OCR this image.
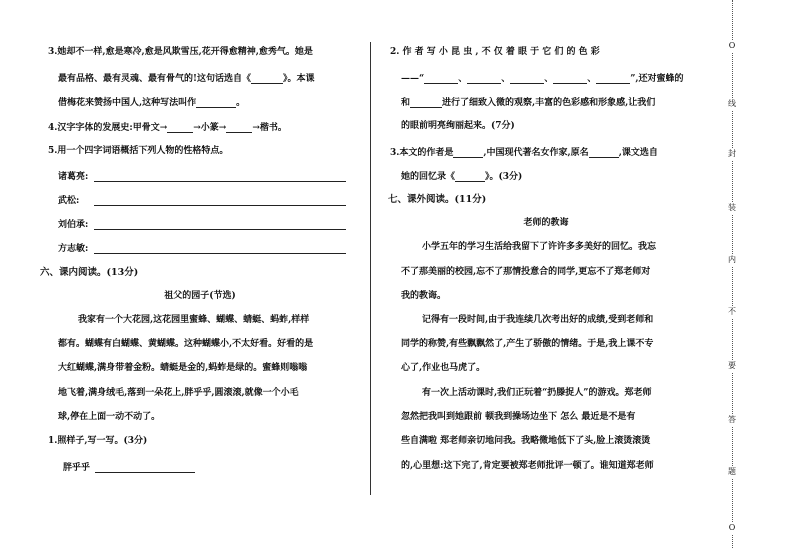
3.她却不一样,愈是寒冷,愈是风欺雪压,花开得愈精神,愈秀气。她是
最有品格、最有灵魂、最有骨气的!这句话选自《	》。本课
借梅花来赞扬中国人,这种写法叫作	。
4.汉字字体的发展史:甲骨文→	→小篆→	→楷书。
5.用一个四字词语概括下列人物的性格特点。
诸葛亮:
武松:
刘伯承:
方志敏:
六、课内阅读。(13分)
祖父的园子(节选)
我家有一个大花园,这花园里蜜蜂、蝴蝶、蜻蜓、蚂蚱,样样
都有。蝴蝶有白蝴蝶、黄蝴蝶。这种蝴蝶小,不太好看。好看的是
大红蝴蝶,满身带着金粉。蜻蜓是金的,蚂蚱是绿的。蜜蜂则嗡嗡
地飞着,满身绒毛,落到一朵花上,胖乎乎,圆滚滚,就像一个小毛
球,停在上面一动不动了。
1.照样子,写一写。(3分)
胖乎乎
2. 作 者 写 小 昆 虫 , 不 仅 着 眼 于 它 们 的 色 彩
——“	、	、	、	、	”,还对蜜蜂的
和	进行了细致入微的观察,丰富的色彩感和形象感,让我们
的眼前明亮绚丽起来。(7分)
3.本文的作者是	,中国现代著名女作家,原名	,课文选自
她的回忆录《	》。(3分)
七、课外阅读。(11分)
老师的教诲
小学五年的学习生活给我留下了许许多多美好的回忆。我忘
不了那美丽的校园,忘不了那情投意合的同学,更忘不了郑老师对
我的教诲。
记得有一段时间,由于我连续几次考出好的成绩,受到老师和
同学的称赞,有些飘飘然了,产生了骄傲的情绪。于是,我上课不专
心了,作业也马虎了。
有一次上活动课时,我们正玩着“扔滕捉人”的游戏。郑老师
忽然把我叫到她跟前 顿我到操场边坐下 怎么 最近是不是有
些自满啦 郑老师亲切地问我。我略微地低下了头,脸上滚烫滚烫
的,心里想:这下完了,肯定要被郑老师批评一顿了。谁知道郑老师
O
线
封
装
内
不
要
答
题
O
